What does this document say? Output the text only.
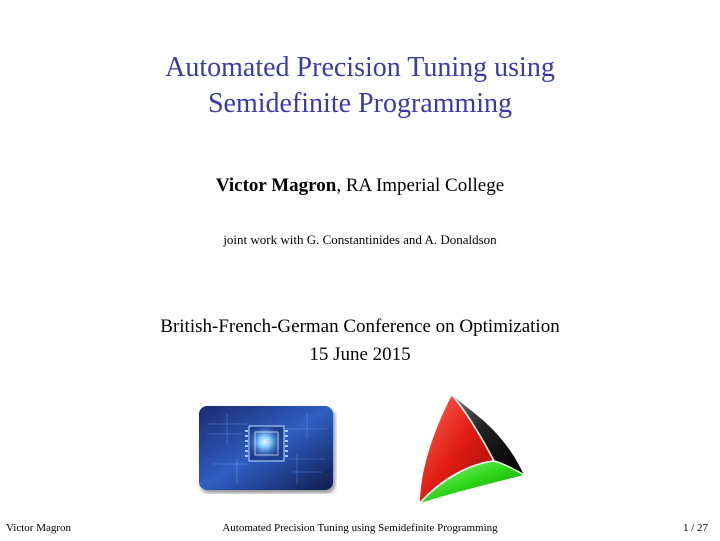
Automated Precision Tuning using
Semidefinite Programming
Victor Magron, RA Imperial College
joint work with G. Constantinides and A. Donaldson
British-French-German Conference on Optimization
15 June 2015
Victor Magron	Automated Precision Tuning using Semidefinite Programming	1 / 27
